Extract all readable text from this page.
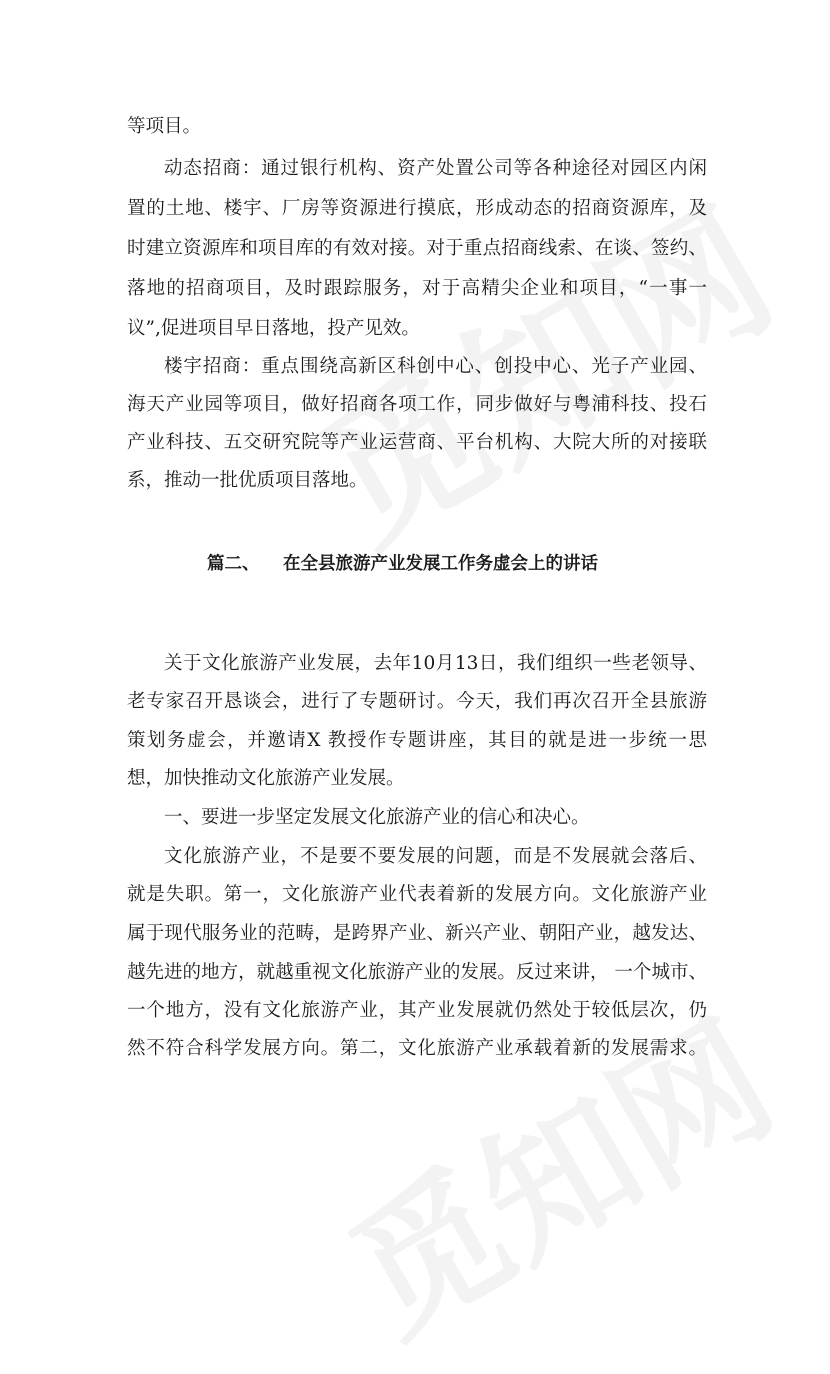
等项目。
动态招商：通过银行机构、资产处置公司等各种途径对园区内闲
置的土地、楼宇、厂房等资源进行摸底，形成动态的招商资源库，及
时建立资源库和项目库的有效对接。对于重点招商线索、在谈、签约、
落地的招商项目，及时跟踪服务，对于高精尖企业和项目，“一事一
议”,促进项目早日落地，投产见效。
楼宇招商：重点围绕高新区科创中心、创投中心、光子产业园、
海天产业园等项目，做好招商各项工作，同步做好与粤浦科技、投石
产业科技、五交研究院等产业运营商、平台机构、大院大所的对接联
系，推动一批优质项目落地。
篇二、 在全县旅游产业发展工作务虚会上的讲话
关于文化旅游产业发展，去年10月13日，我们组织一些老领导、
老专家召开恳谈会，进行了专题研讨。今天，我们再次召开全县旅游
策划务虚会，并邀请X 教授作专题讲座，其目的就是进一步统一思
想，加快推动文化旅游产业发展。
一、要进一步坚定发展文化旅游产业的信心和决心。
文化旅游产业，不是要不要发展的问题，而是不发展就会落后、
就是失职。第一，文化旅游产业代表着新的发展方向。文化旅游产业
属于现代服务业的范畴，是跨界产业、新兴产业、朝阳产业，越发达、
越先进的地方，就越重视文化旅游产业的发展。反过来讲， 一个城市、
一个地方，没有文化旅游产业，其产业发展就仍然处于较低层次，仍
然不符合科学发展方向。第二，文化旅游产业承载着新的发展需求。
